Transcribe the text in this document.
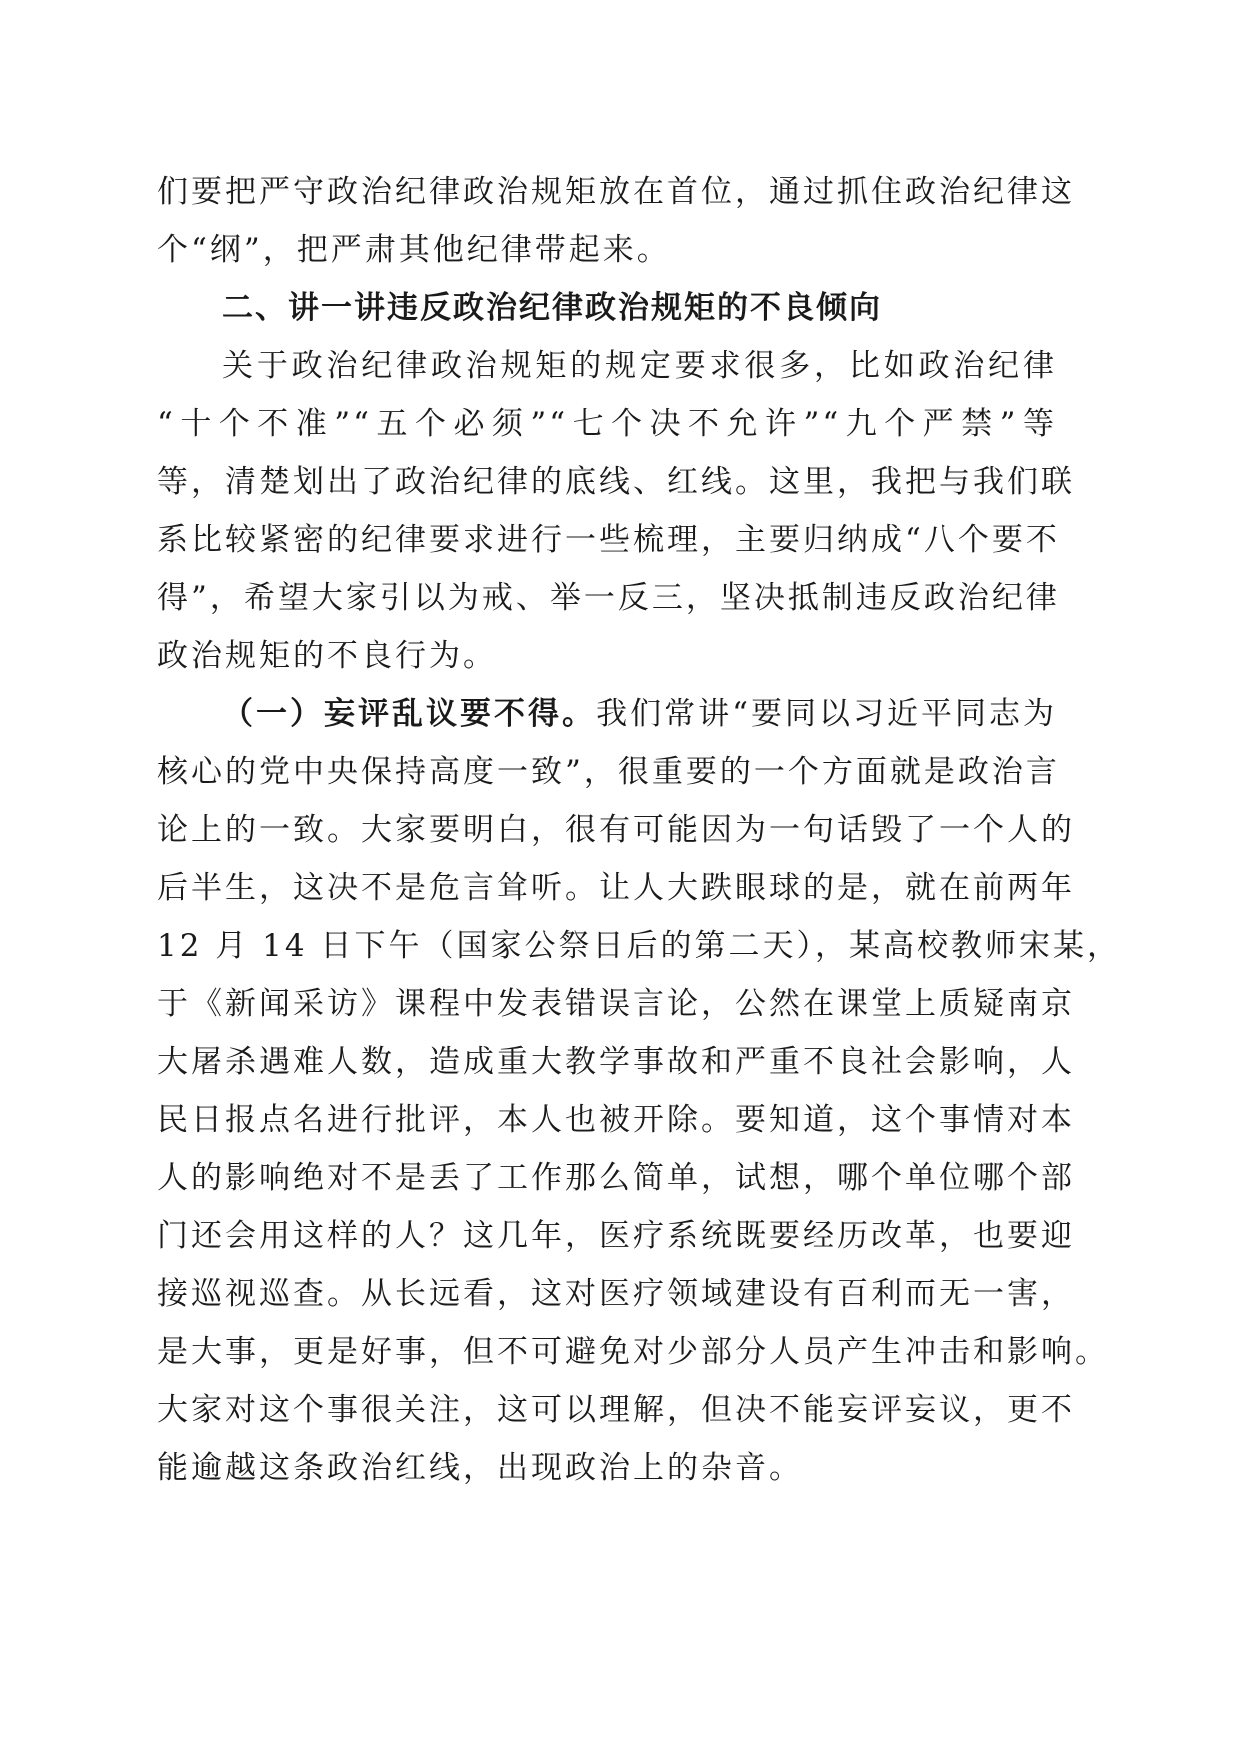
们要把严守政治纪律政治规矩放在首位，通过抓住政治纪律这
个“纲”，把严肃其他纪律带起来。
二、讲一讲违反政治纪律政治规矩的不良倾向
关于政治纪律政治规矩的规定要求很多，比如政治纪律
“十个不准”“五个必须”“七个决不允许”“九个严禁”等
等，清楚划出了政治纪律的底线、红线。这里，我把与我们联
系比较紧密的纪律要求进行一些梳理，主要归纳成“八个要不
得”，希望大家引以为戒、举一反三，坚决抵制违反政治纪律
政治规矩的不良行为。
（一）妄评乱议要不得。我们常讲“要同以习近平同志为
核心的党中央保持高度一致”，很重要的一个方面就是政治言
论上的一致。大家要明白，很有可能因为一句话毁了一个人的
后半生，这决不是危言耸听。让人大跌眼球的是，就在前两年
12 月 14 日下午（国家公祭日后的第二天），某高校教师宋某，
于《新闻采访》课程中发表错误言论，公然在课堂上质疑南京
大屠杀遇难人数，造成重大教学事故和严重不良社会影响，人
民日报点名进行批评，本人也被开除。要知道，这个事情对本
人的影响绝对不是丢了工作那么简单，试想，哪个单位哪个部
门还会用这样的人？这几年，医疗系统既要经历改革，也要迎
接巡视巡查。从长远看，这对医疗领域建设有百利而无一害，
是大事，更是好事，但不可避免对少部分人员产生冲击和影响。
大家对这个事很关注，这可以理解，但决不能妄评妄议，更不
能逾越这条政治红线，出现政治上的杂音。
